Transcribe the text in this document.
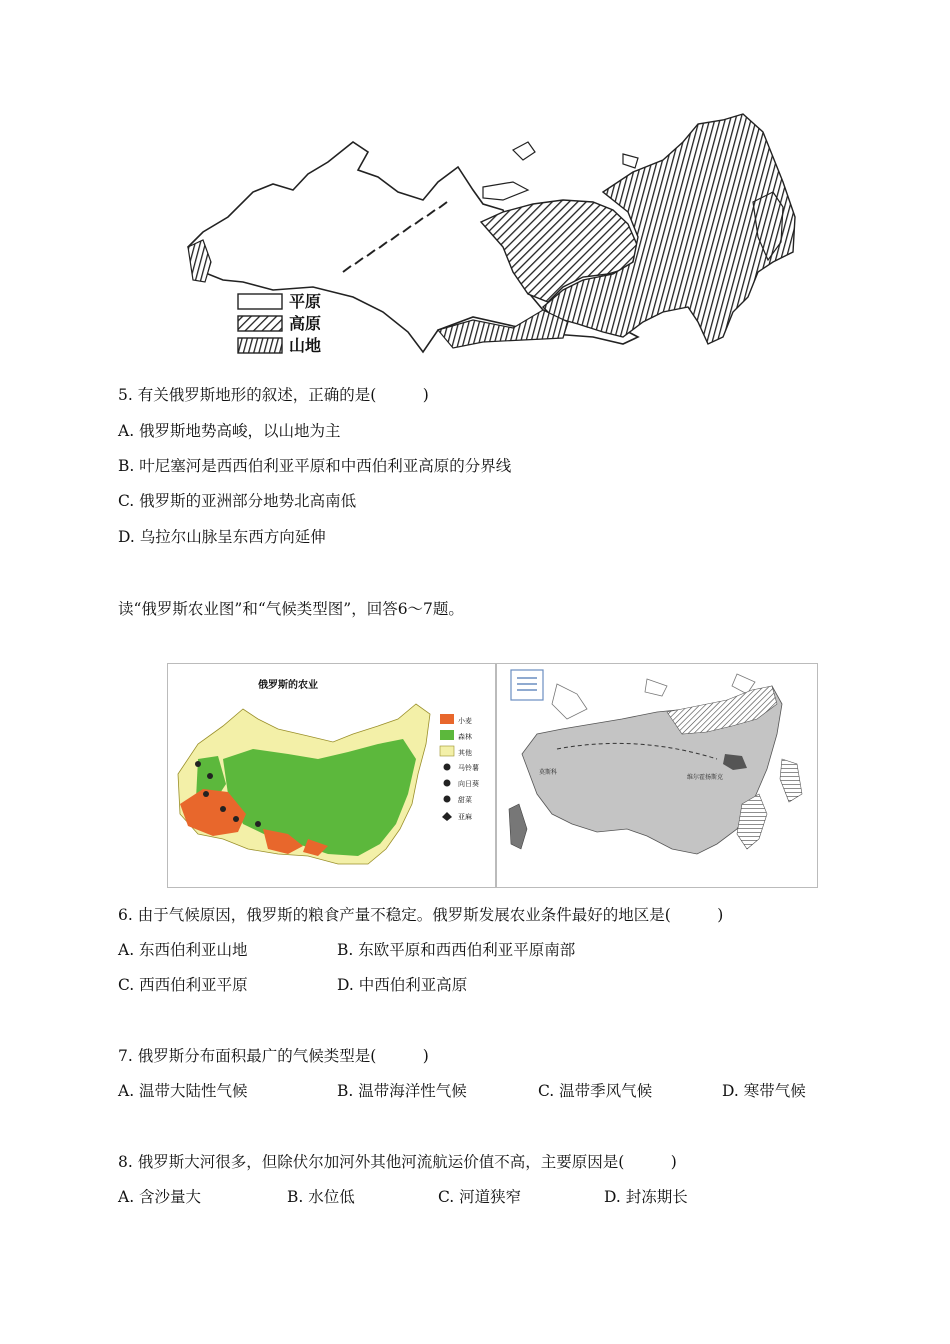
平原
高原
山地
5. 有关俄罗斯地形的叙述，正确的是(　　　)
A. 俄罗斯地势高峻，以山地为主
B. 叶尼塞河是西西伯利亚平原和中西伯利亚高原的分界线
C. 俄罗斯的亚洲部分地势北高南低
D. 乌拉尔山脉呈东西方向延伸
读“俄罗斯农业图”和“气候类型图”，回答6～7题。
俄罗斯的农业
小麦
森林
其他
马铃薯
向日葵
甜菜
亚麻
莫斯科
维尔霍扬斯克
6. 由于气候原因，俄罗斯的粮食产量不稳定。俄罗斯发展农业条件最好的地区是(　　　)
A. 东西伯利亚山地	B. 东欧平原和西西伯利亚平原南部
C. 西西伯利亚平原	D. 中西伯利亚高原
7. 俄罗斯分布面积最广的气候类型是(　　　)
A. 温带大陆性气候	B. 温带海洋性气候	C. 温带季风气候	D. 寒带气候
8. 俄罗斯大河很多，但除伏尔加河外其他河流航运价值不高，主要原因是(　　　)
A. 含沙量大	B. 水位低	C. 河道狭窄	D. 封冻期长
